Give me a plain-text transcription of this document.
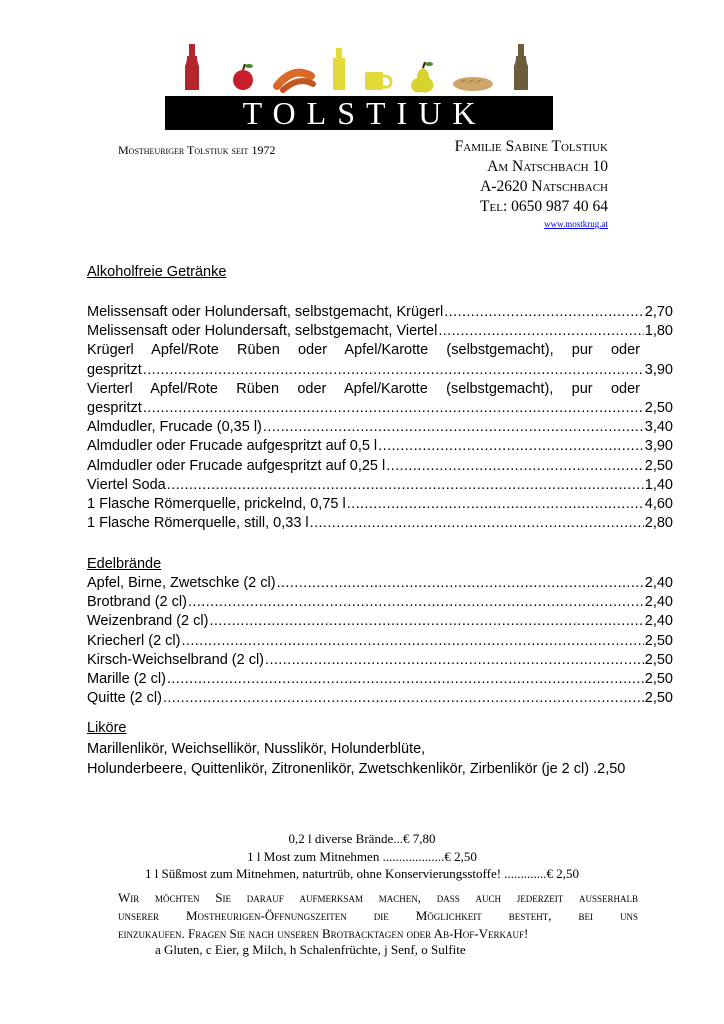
TOLSTIUK
Mostheuriger Tolstiuk seit 1972	Familie Sabine Tolstiuk
Am Natschbach 10
A-2620 Natschbach
Tel: 0650 987 40 64
www.mostkrug.at
Alkoholfreie Getränke
Melissensaft oder Holundersaft, selbstgemacht, Krügerl .....	2,70
Melissensaft oder Holundersaft, selbstgemacht, Viertel .....	1,80
Krügerl Apfel/Rote Rüben oder Apfel/Karotte (selbstgemacht), pur oder
gespritzt .....	3,90
Vierterl Apfel/Rote Rüben oder Apfel/Karotte (selbstgemacht), pur oder
gespritzt .....	2,50
Almdudler, Frucade (0,35 l) .....	3,40
Almdudler oder Frucade aufgespritzt auf 0,5 l .....	3,90
Almdudler oder Frucade aufgespritzt auf 0,25 l .....	2,50
Viertel Soda .....	1,40
1 Flasche Römerquelle, prickelnd, 0,75 l .....	4,60
1 Flasche Römerquelle, still, 0,33 l .....	2,80
Edelbrände
Apfel, Birne, Zwetschke (2 cl) .....	2,40
Brotbrand (2 cl) .....	2,40
Weizenbrand (2 cl) .....	2,40
Kriecherl (2 cl) .....	2,50
Kirsch-Weichselbrand (2 cl) .....	2,50
Marille (2 cl) .....	2,50
Quitte (2 cl) .....	2,50
Liköre
Marillenlikör, Weichsellikör, Nusslikör, Holunderblüte,
Holunderbeere, Quittenlikör, Zitronenlikör, Zwetschkenlikör, Zirbenlikör (je 2 cl) .2,50
0,2 l diverse Brände...€ 7,80
1 l Most zum Mitnehmen ...................€ 2,50
1 l Süßmost zum Mitnehmen, naturtrüb, ohne Konservierungsstoffe! .............€ 2,50
Wir möchten Sie darauf aufmerksam machen, dass auch jederzeit ausserhalb
unserer Mostheurigen-Öffnungszeiten die Möglichkeit besteht, bei uns
einzukaufen. Fragen Sie nach unseren Brotbacktagen oder Ab-Hof-Verkauf!
a Gluten, c Eier, g Milch, h Schalenfrüchte, j Senf, o Sulfite
